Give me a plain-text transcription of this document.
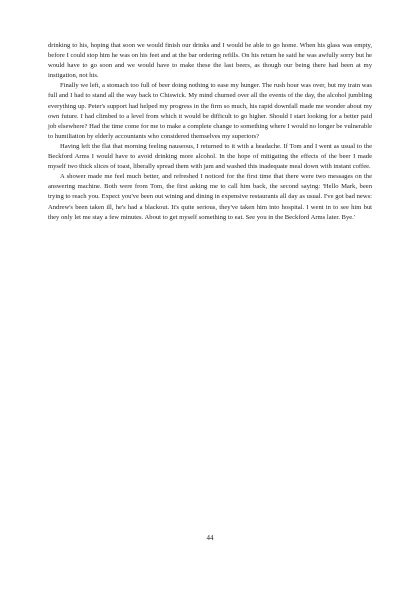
drinking to his, hoping that soon we would finish our drinks and I would be able to go home. When his glass was empty, before I could stop him he was on his feet and at the bar ordering refills. On his return he said he was awfully sorry but he would have to go soon and we would have to make these the last beers, as though our being there had been at my instigation, not his.

Finally we left, a stomach too full of beer doing nothing to ease my hunger. The rush hour was over, but my train was full and I had to stand all the way back to Chiswick. My mind churned over all the events of the day, the alcohol jumbling everything up. Peter's support had helped my progress in the firm so much, his rapid downfall made me wonder about my own future. I had climbed to a level from which it would be difficult to go higher. Should I start looking for a better paid job elsewhere? Had the time come for me to make a complete change to something where I would no longer be vulnerable to humiliation by elderly accountants who considered themselves my superiors?

Having left the flat that morning feeling nauseous, I returned to it with a headache. If Tom and I went as usual to the Beckford Arms I would have to avoid drinking more alcohol. In the hope of mitigating the effects of the beer I made myself two thick slices of toast, liberally spread them with jam and washed this inadequate meal down with instant coffee.

A shower made me feel much better, and refreshed I noticed for the first time that there were two messages on the answering machine. Both were from Tom, the first asking me to call him back, the second saying: 'Hello Mark, been trying to reach you. Expect you've been out wining and dining in expensive restaurants all day as usual. I've got bad news: Andrew's been taken ill, he's had a blackout. It's quite serious, they've taken him into hospital. I went in to see him but they only let me stay a few minutes. About to get myself something to eat. See you in the Beckford Arms later. Bye.'

44
